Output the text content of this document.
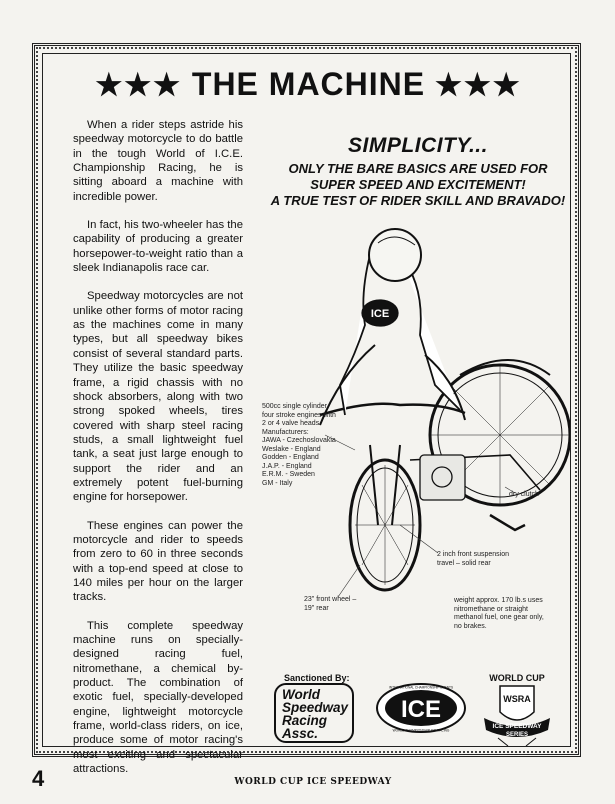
★★★ THE MACHINE ★★★

When a rider steps astride his speedway motorcycle to do battle in the tough World of I.C.E. Championship Racing, he is sitting aboard a machine with incredible power.

In fact, his two-wheeler has the capability of producing a greater horsepower-to-weight ratio than a sleek Indianapolis race car.

Speedway motorcycles are not unlike other forms of motor racing as the machines come in many types, but all speedway bikes consist of several standard parts. They utilize the basic speedway frame, a rigid chassis with no shock absorbers, along with two strong spoked wheels, tires covered with sharp steel racing studs, a small lightweight fuel tank, a seat just large enough to support the rider and an extremely potent fuel-burning engine for horsepower.

These engines can power the motorcycle and rider to speeds from zero to 60 in three seconds with a top-end speed at close to 140 miles per hour on the larger tracks.

This complete speedway machine runs on specially-designed racing fuel, nitromethane, a chemical by-product. The combination of exotic fuel, specially-developed engine, lightweight motorcycle frame, world-class riders, on ice, produce some of motor racing's most exciting and spectacular attractions.

SIMPLICITY...
ONLY THE BARE BASICS ARE USED FOR
SUPER SPEED AND EXCITEMENT!
A TRUE TEST OF RIDER SKILL AND BRAVADO!
ICE
500cc single cylinder
four stroke engines with
2 or 4 valve heads
Manufacturers:
JAWA - Czechoslovakia
Weslake - England
Godden - England
J.A.P. - England
E.R.M. - Sweden
GM - Italy
dry clutch
2 inch front suspension
travel – solid rear
23" front wheel –
19" rear
weight approx. 170 lb.s uses
nitromethane or straight
methanol fuel, one gear only,
no brakes.
Sanctioned By:
World
Speedway
Racing
Assc.
ICE
INTERNATIONAL CHAMPIONSHIP EVENTS
WORLD CHAMPIONSHIP ICE RACING
WORLD CUP
WSRA
ICE SPEEDWAY
SERIES
4	WORLD CUP ICE SPEEDWAY
